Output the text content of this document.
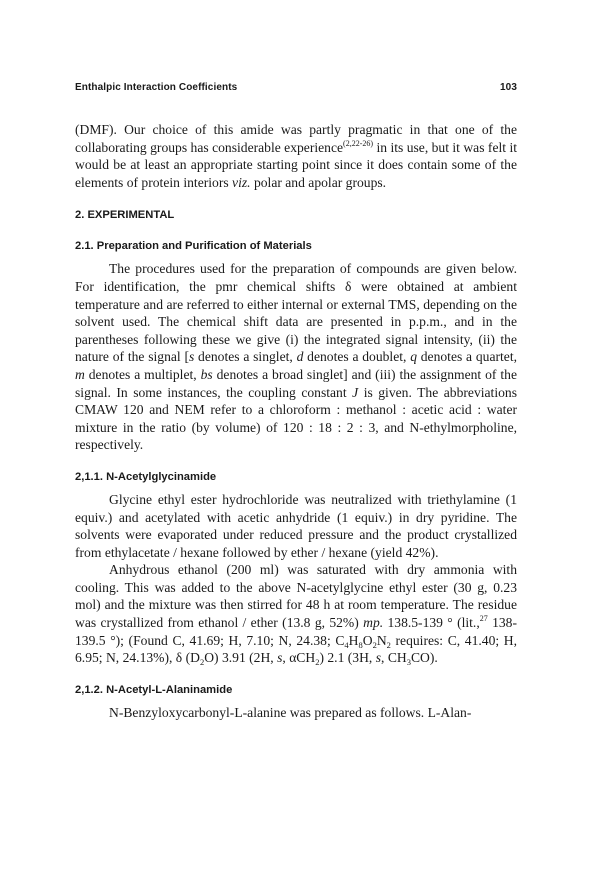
Enthalpic Interaction Coefficients	103

(DMF). Our choice of this amide was partly pragmatic in that one of the collaborating groups has considerable experience$^{(2,22-26)}$ in its use, but it was felt it would be at least an appropriate starting point since it does contain some of the elements of protein interiors viz. polar and apolar groups.

2. EXPERIMENTAL
2.1. Preparation and Purification of Materials

The procedures used for the preparation of compounds are given below. For identification, the pmr chemical shifts δ were obtained at ambient temperature and are referred to either internal or external TMS, depending on the solvent used. The chemical shift data are presented in p.p.m., and in the parentheses following these we give (i) the integrated signal intensity, (ii) the nature of the signal [s denotes a singlet, d denotes a doublet, q denotes a quartet, m denotes a multiplet, bs denotes a broad singlet] and (iii) the assignment of the signal. In some instances, the coupling constant J is given. The abbreviations CMAW 120 and NEM refer to a chloroform : methanol : acetic acid : water mixture in the ratio (by volume) of 120 : 18 : 2 : 3, and N-ethylmorpholine, respectively.

2,1.1. N-Acetylglycinamide

Glycine ethyl ester hydrochloride was neutralized with triethylamine (1 equiv.) and acetylated with acetic anhydride (1 equiv.) in dry pyridine. The solvents were evaporated under reduced pressure and the product crystallized from ethylacetate / hexane followed by ether / hexane (yield 42%).

Anhydrous ethanol (200 ml) was saturated with dry ammonia with cooling. This was added to the above N-acetylglycine ethyl ester (30 g, 0.23 mol) and the mixture was then stirred for 48 h at room temperature. The residue was crystallized from ethanol / ether (13.8 g, 52%) mp. 138.5-139 ° (lit.,$^{27}$ 138-139.5 °); (Found C, 41.69; H, 7.10; N, 24.38; $C_4H_8O_2N_2$ requires: C, 41.40; H, 6.95; N, 24.13%), δ $(D_2O)$ 3.91 (2H, s, αCH$_2$) 2.1 (3H, s, $CH_3CO$).

2,1.2. N-Acetyl-L-Alaninamide

N-Benzyloxycarbonyl-L-alanine was prepared as follows. L-Alan-
